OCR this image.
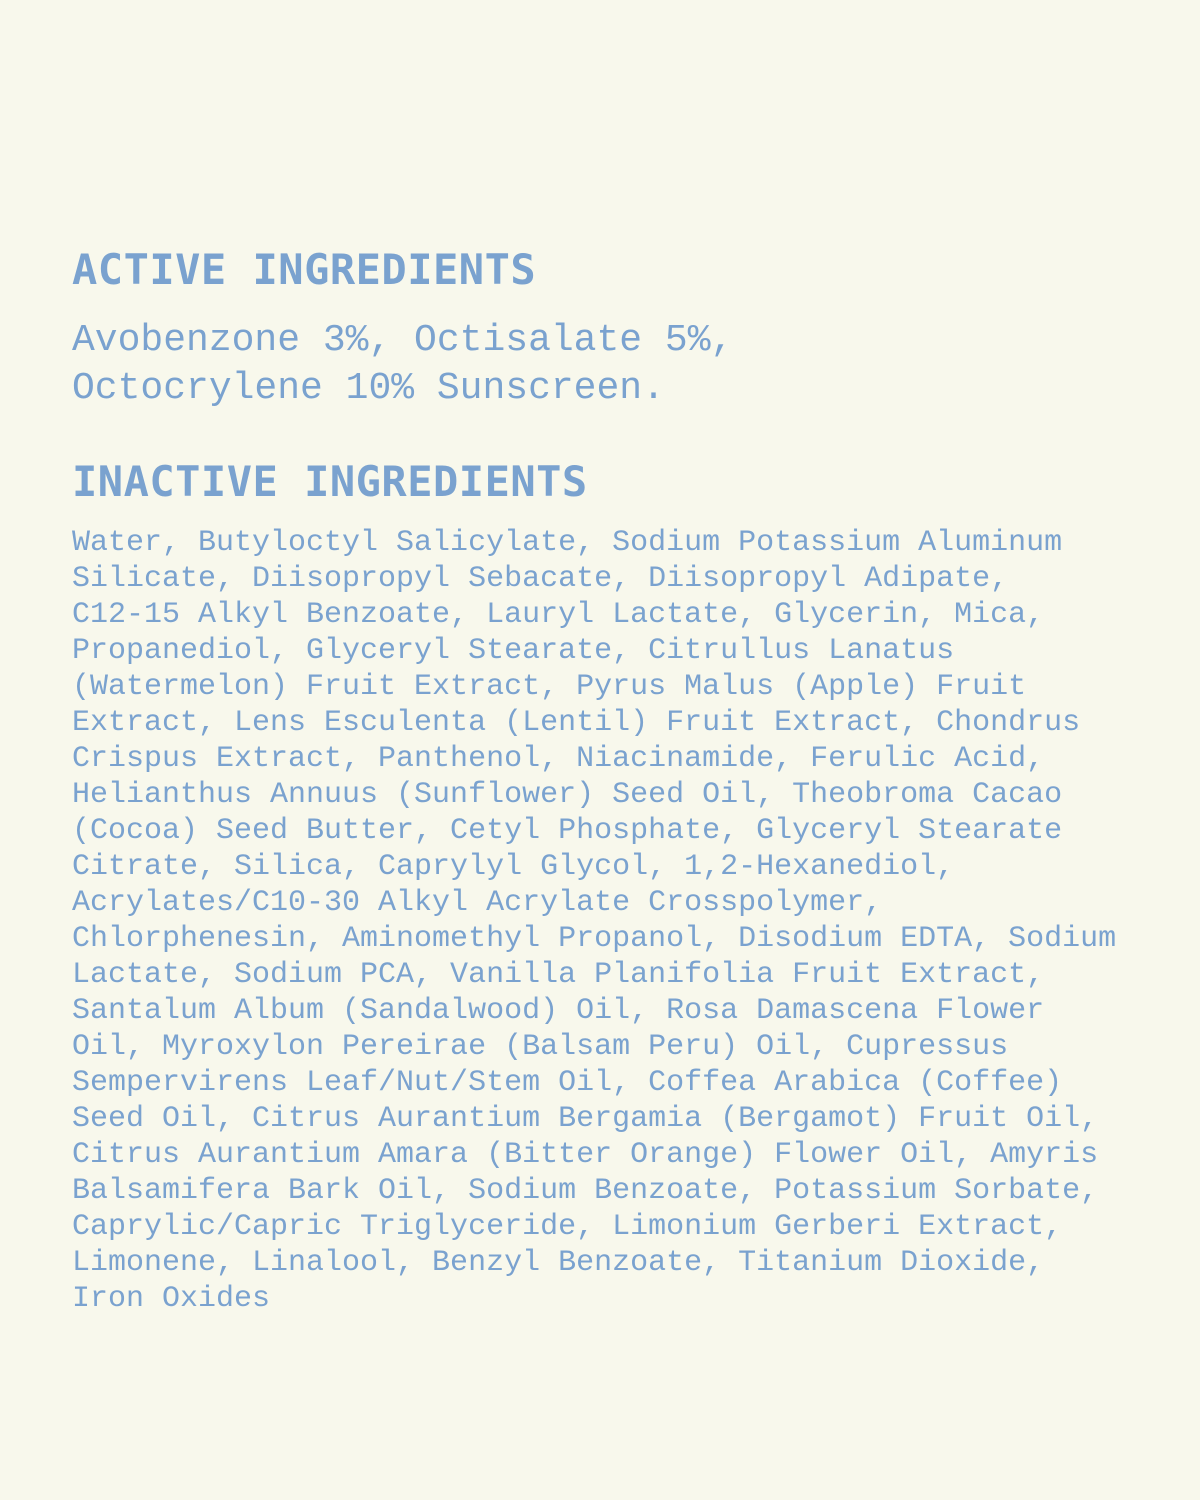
ACTIVE INGREDIENTS

Avobenzone 3%, Octisalate 5%,
Octocrylene 10% Sunscreen.

INACTIVE INGREDIENTS

Water, Butyloctyl Salicylate, Sodium Potassium Aluminum
Silicate, Diisopropyl Sebacate, Diisopropyl Adipate,
C12-15 Alkyl Benzoate, Lauryl Lactate, Glycerin, Mica,
Propanediol, Glyceryl Stearate, Citrullus Lanatus
(Watermelon) Fruit Extract, Pyrus Malus (Apple) Fruit
Extract, Lens Esculenta (Lentil) Fruit Extract, Chondrus
Crispus Extract, Panthenol, Niacinamide, Ferulic Acid,
Helianthus Annuus (Sunflower) Seed Oil, Theobroma Cacao
(Cocoa) Seed Butter, Cetyl Phosphate, Glyceryl Stearate
Citrate, Silica, Caprylyl Glycol, 1,2-Hexanediol,
Acrylates/C10-30 Alkyl Acrylate Crosspolymer,
Chlorphenesin, Aminomethyl Propanol, Disodium EDTA, Sodium
Lactate, Sodium PCA, Vanilla Planifolia Fruit Extract,
Santalum Album (Sandalwood) Oil, Rosa Damascena Flower
Oil, Myroxylon Pereirae (Balsam Peru) Oil, Cupressus
Sempervirens Leaf/Nut/Stem Oil, Coffea Arabica (Coffee)
Seed Oil, Citrus Aurantium Bergamia (Bergamot) Fruit Oil,
Citrus Aurantium Amara (Bitter Orange) Flower Oil, Amyris
Balsamifera Bark Oil, Sodium Benzoate, Potassium Sorbate,
Caprylic/Capric Triglyceride, Limonium Gerberi Extract,
Limonene, Linalool, Benzyl Benzoate, Titanium Dioxide,
Iron Oxides
